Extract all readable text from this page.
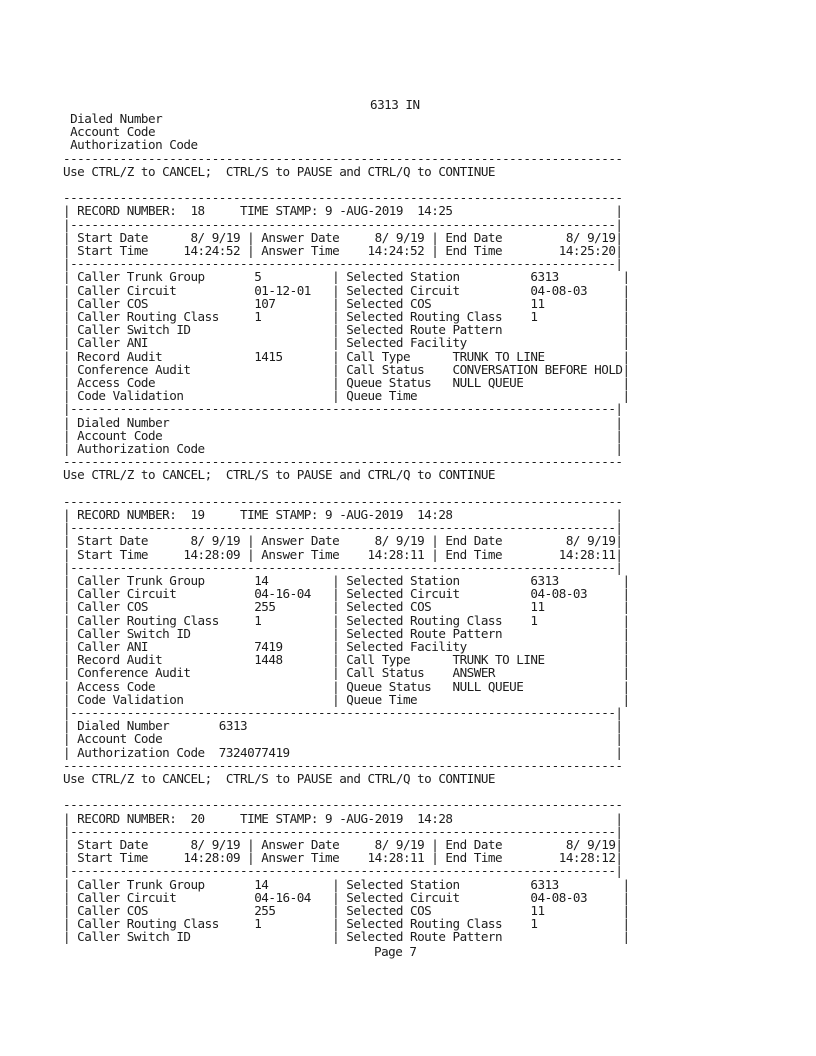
6313 IN
Dialed Number
Account Code
Authorization Code
-------------------------------------------------------------------------------
Use CTRL/Z to CANCEL;  CTRL/S to PAUSE and CTRL/Q to CONTINUE
-------------------------------------------------------------------------------
| RECORD NUMBER:  18     TIME STAMP: 9 -AUG-2019  14:25                       |
|-----------------------------------------------------------------------------|
| Start Date      8/ 9/19 | Answer Date     8/ 9/19 | End Date         8/ 9/19|
| Start Time     14:24:52 | Answer Time    14:24:52 | End Time        14:25:20|
|-----------------------------------------------------------------------------|
| Caller Trunk Group       5          | Selected Station          6313         |
| Caller Circuit           01-12-01   | Selected Circuit          04-08-03     |
| Caller COS               107        | Selected COS              11           |
| Caller Routing Class     1          | Selected Routing Class    1            |
| Caller Switch ID                    | Selected Route Pattern                 |
| Caller ANI                          | Selected Facility                      |
| Record Audit             1415       | Call Type      TRUNK TO LINE           |
| Conference Audit                    | Call Status    CONVERSATION BEFORE HOLD|
| Access Code                         | Queue Status   NULL QUEUE              |
| Code Validation                     | Queue Time                             |
|-----------------------------------------------------------------------------|
| Dialed Number                                                               |
| Account Code                                                                |
| Authorization Code                                                          |
-------------------------------------------------------------------------------
Use CTRL/Z to CANCEL;  CTRL/S to PAUSE and CTRL/Q to CONTINUE
-------------------------------------------------------------------------------
| RECORD NUMBER:  19     TIME STAMP: 9 -AUG-2019  14:28                       |
|-----------------------------------------------------------------------------|
| Start Date      8/ 9/19 | Answer Date     8/ 9/19 | End Date         8/ 9/19|
| Start Time     14:28:09 | Answer Time    14:28:11 | End Time        14:28:11|
|-----------------------------------------------------------------------------|
| Caller Trunk Group       14         | Selected Station          6313         |
| Caller Circuit           04-16-04   | Selected Circuit          04-08-03     |
| Caller COS               255        | Selected COS              11           |
| Caller Routing Class     1          | Selected Routing Class    1            |
| Caller Switch ID                    | Selected Route Pattern                 |
| Caller ANI               7419       | Selected Facility                      |
| Record Audit             1448       | Call Type      TRUNK TO LINE           |
| Conference Audit                    | Call Status    ANSWER                  |
| Access Code                         | Queue Status   NULL QUEUE              |
| Code Validation                     | Queue Time                             |
|-----------------------------------------------------------------------------|
| Dialed Number       6313                                                    |
| Account Code                                                                |
| Authorization Code  7324077419                                              |
-------------------------------------------------------------------------------
Use CTRL/Z to CANCEL;  CTRL/S to PAUSE and CTRL/Q to CONTINUE
-------------------------------------------------------------------------------
| RECORD NUMBER:  20     TIME STAMP: 9 -AUG-2019  14:28                       |
|-----------------------------------------------------------------------------|
| Start Date      8/ 9/19 | Answer Date     8/ 9/19 | End Date         8/ 9/19|
| Start Time     14:28:09 | Answer Time    14:28:11 | End Time        14:28:12|
|-----------------------------------------------------------------------------|
| Caller Trunk Group       14         | Selected Station          6313         |
| Caller Circuit           04-16-04   | Selected Circuit          04-08-03     |
| Caller COS               255        | Selected COS              11           |
| Caller Routing Class     1          | Selected Routing Class    1            |
| Caller Switch ID                    | Selected Route Pattern                 |
Page 7
